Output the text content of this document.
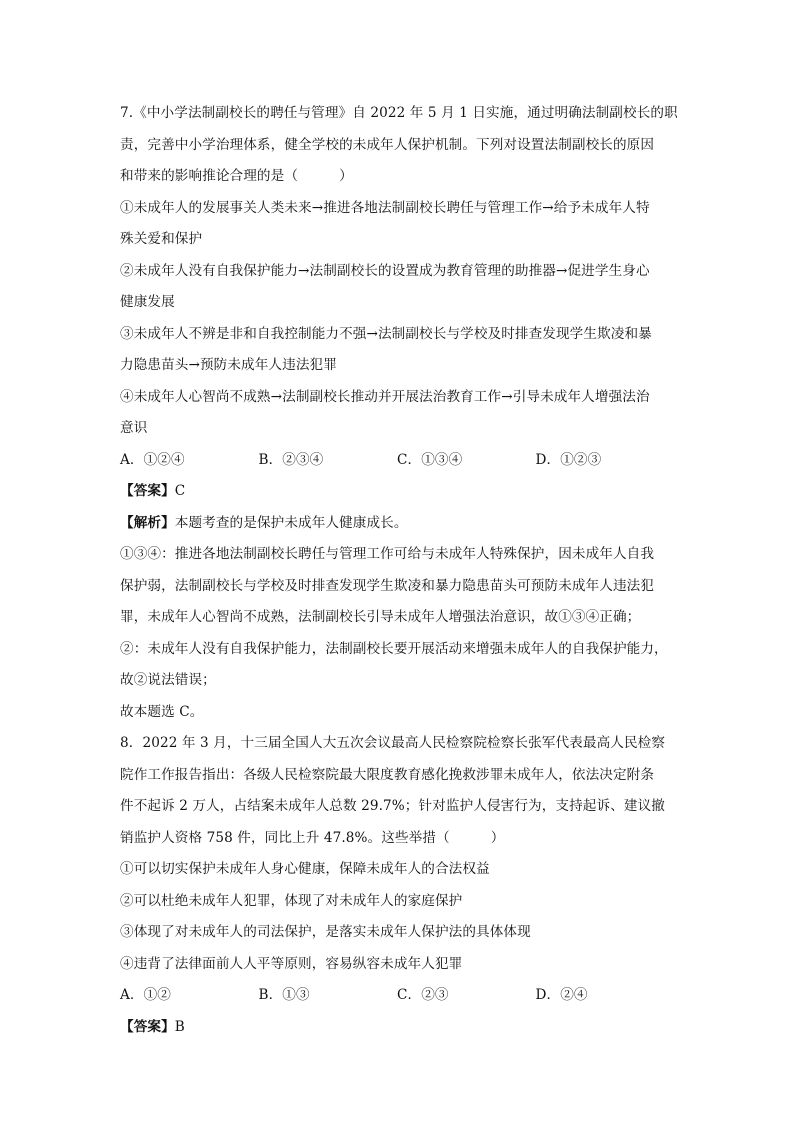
7.《中小学法制副校长的聘任与管理》自 2022 年 5 月 1 日实施，通过明确法制副校长的职
责，完善中小学治理体系，健全学校的未成年人保护机制。下列对设置法制副校长的原因
和带来的影响推论合理的是（　　　）
①未成年人的发展事关人类未来→推进各地法制副校长聘任与管理工作→给予未成年人特
殊关爱和保护
②未成年人没有自我保护能力→法制副校长的设置成为教育管理的助推器→促进学生身心
健康发展
③未成年人不辨是非和自我控制能力不强→法制副校长与学校及时排查发现学生欺凌和暴
力隐患苗头→预防未成年人违法犯罪
④未成年人心智尚不成熟→法制副校长推动并开展法治教育工作→引导未成年人增强法治
意识
A．①②④	B．②③④	C．①③④	D．①②③
【答案】C
【解析】本题考查的是保护未成年人健康成长。
①③④：推进各地法制副校长聘任与管理工作可给与未成年人特殊保护，因未成年人自我
保护弱，法制副校长与学校及时排查发现学生欺凌和暴力隐患苗头可预防未成年人违法犯
罪，未成年人心智尚不成熟，法制副校长引导未成年人增强法治意识，故①③④正确；
②：未成年人没有自我保护能力，法制副校长要开展活动来增强未成年人的自我保护能力，
故②说法错误；
故本题选 C。
8．2022 年 3 月，十三届全国人大五次会议最高人民检察院检察长张军代表最高人民检察
院作工作报告指出：各级人民检察院最大限度教育感化挽救涉罪未成年人，依法决定附条
件不起诉 2 万人，占结案未成年人总数 29.7%；针对监护人侵害行为，支持起诉、建议撤
销监护人资格 758 件，同比上升 47.8%。这些举措（　　　）
①可以切实保护未成年人身心健康，保障未成年人的合法权益
②可以杜绝未成年人犯罪，体现了对未成年人的家庭保护
③体现了对未成年人的司法保护，是落实未成年人保护法的具体体现
④违背了法律面前人人平等原则，容易纵容未成年人犯罪
A．①②	B．①③	C．②③	D．②④
【答案】B
